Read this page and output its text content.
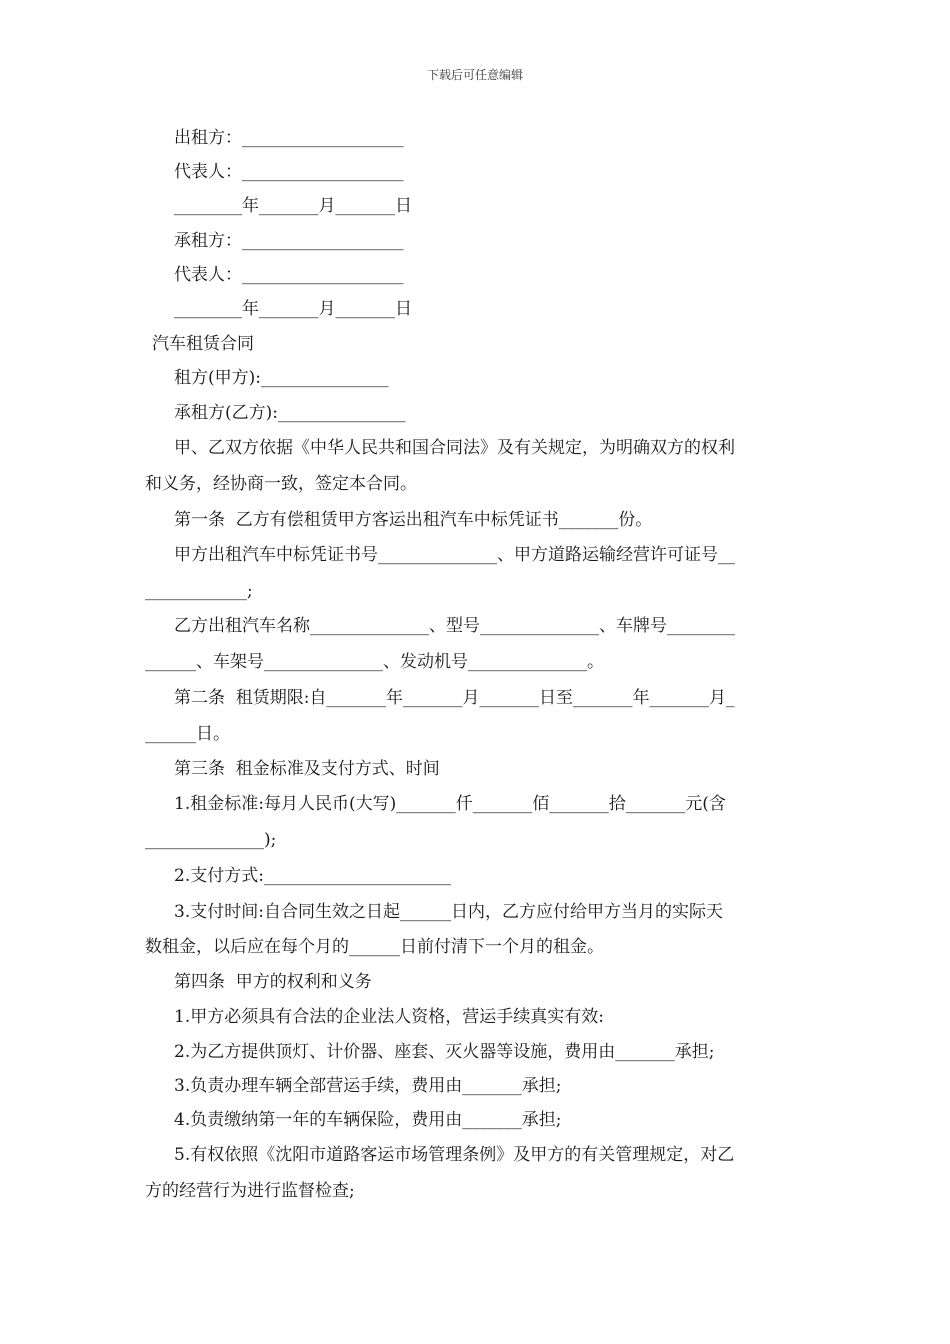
下载后可任意编辑
出租方：___________________
代表人：___________________
________年_______月_______日
承租方：___________________
代表人：___________________
________年_______月_______日
汽车租赁合同
租方(甲方):_______________
承租方(乙方):_______________
甲、乙双方依据《中华人民共和国合同法》及有关规定，为明确双方的权利
和义务，经协商一致，签定本合同。
第一条  乙方有偿租赁甲方客运出租汽车中标凭证书_______份。
甲方出租汽车中标凭证书号______________、甲方道路运输经营许可证号__
____________;
乙方出租汽车名称______________、型号______________、车牌号________
______、车架号______________、发动机号______________。
第二条  租赁期限:自_______年_______月_______日至_______年_______月_
______日。
第三条  租金标准及支付方式、时间
1.租金标准:每月人民币(大写)_______仟_______佰_______拾_______元(含
______________);
2.支付方式:______________________
3.支付时间:自合同生效之日起______日内，乙方应付给甲方当月的实际天
数租金，以后应在每个月的______日前付清下一个月的租金。
第四条  甲方的权利和义务
1.甲方必须具有合法的企业法人资格，营运手续真实有效:
2.为乙方提供顶灯、计价器、座套、灭火器等设施，费用由_______承担;
3.负责办理车辆全部营运手续，费用由_______承担;
4.负责缴纳第一年的车辆保险，费用由_______承担;
5.有权依照《沈阳市道路客运市场管理条例》及甲方的有关管理规定，对乙
方的经营行为进行监督检查;
